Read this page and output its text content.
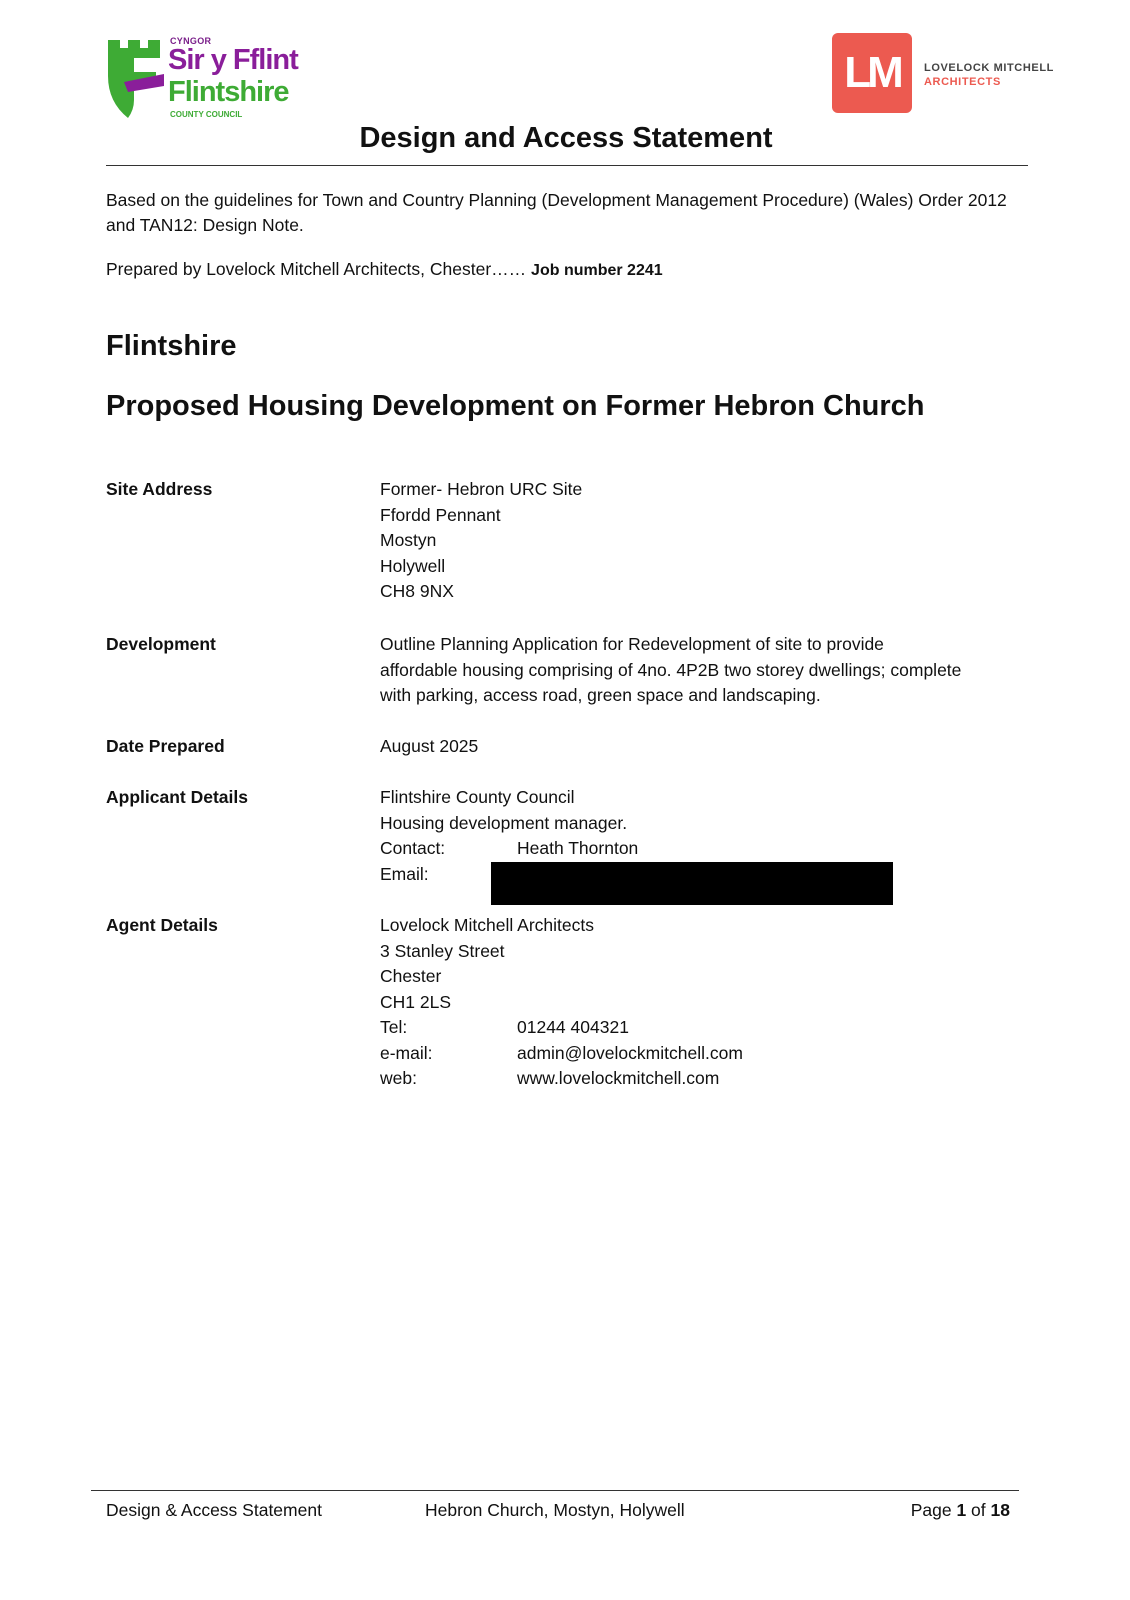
CYNGOR
Sir y Fflint
Flintshire
COUNTY COUNCIL
LM	LOVELOCK MITCHELL
ARCHITECTS
Design and Access Statement
Based on the guidelines for Town and Country Planning (Development Management Procedure) (Wales) Order 2012 and TAN12: Design Note.
Prepared by Lovelock Mitchell Architects, Chester…… Job number 2241
Flintshire
Proposed Housing Development on Former Hebron Church
Site Address	Former- Hebron URC Site
Ffordd Pennant
Mostyn
Holywell
CH8 9NX
Development	Outline Planning Application for Redevelopment of site to provide
affordable housing comprising of 4no. 4P2B two storey dwellings; complete
with parking, access road, green space and landscaping.
Date Prepared	August 2025
Applicant Details	Flintshire County Council
Housing development manager.
Contact:	Heath Thornton
Email:
Agent Details	Lovelock Mitchell Architects
3 Stanley Street
Chester
CH1 2LS
Tel:	01244 404321
e-mail:	admin@lovelockmitchell.com
web:	www.lovelockmitchell.com
Design & Access Statement	Hebron Church, Mostyn, Holywell	Page 1 of 18
